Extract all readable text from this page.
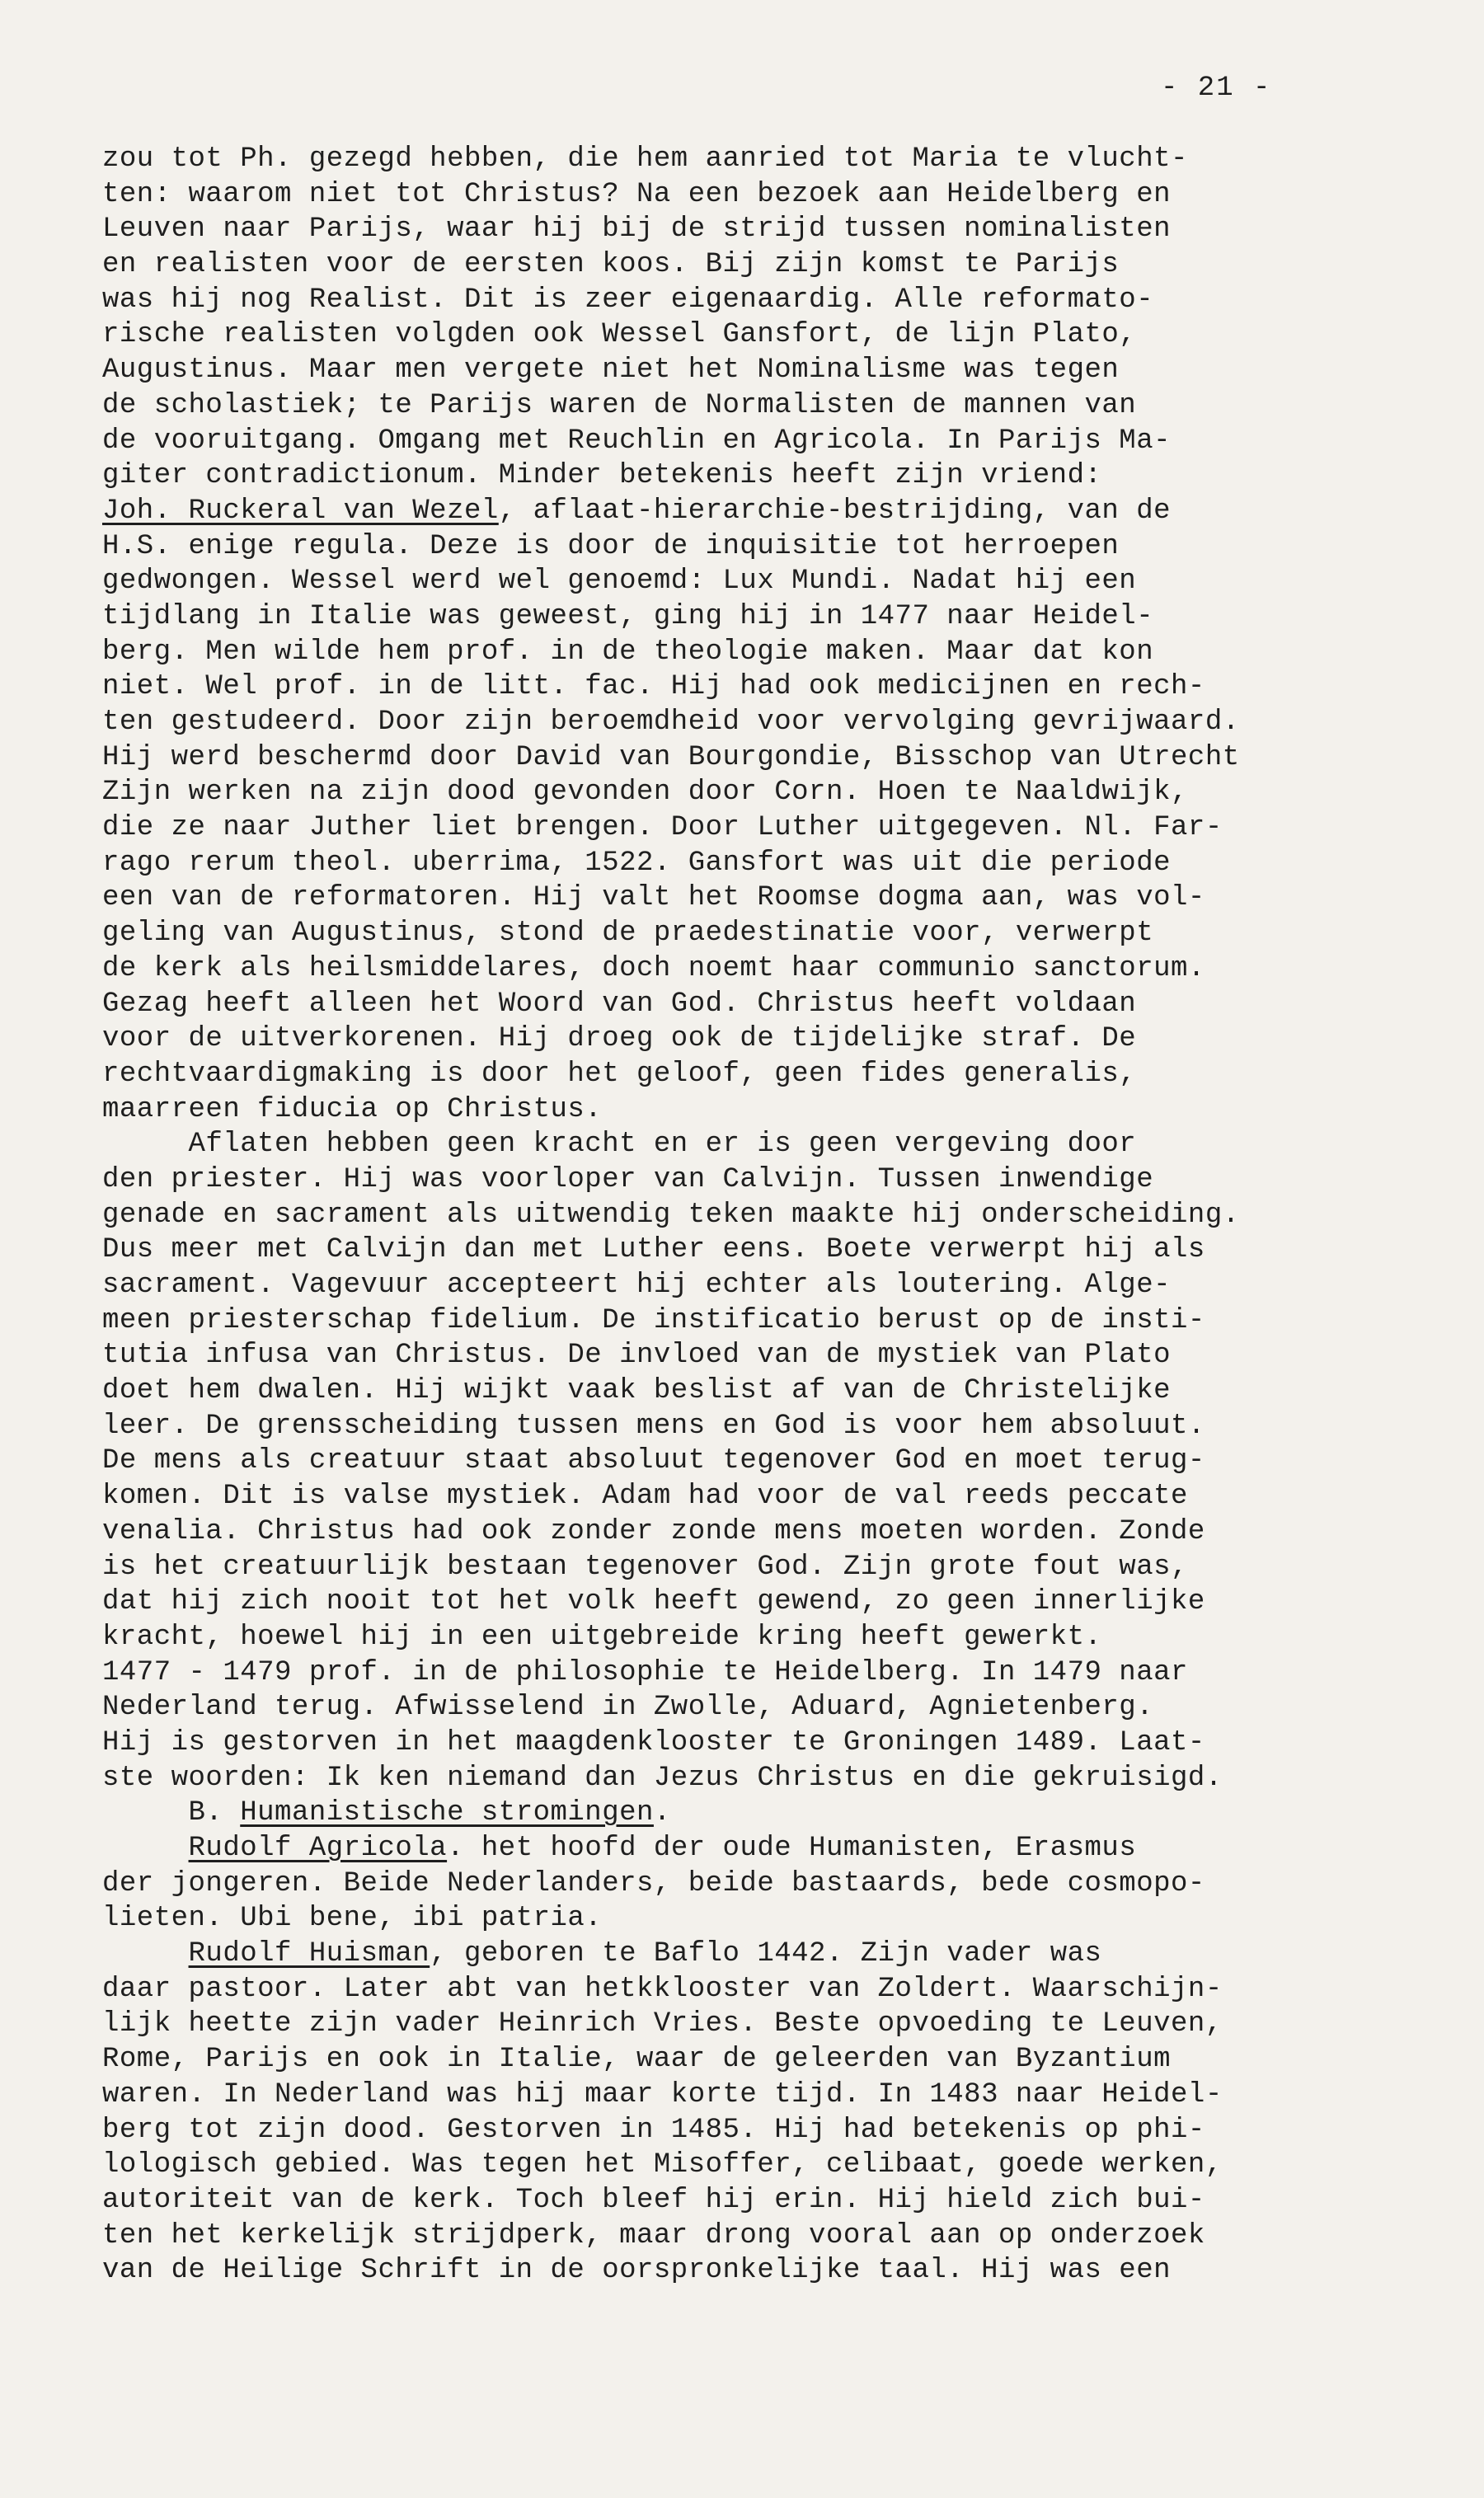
- 21 -
zou tot Ph. gezegd hebben, die hem aanried tot Maria te vlucht-
ten: waarom niet tot Christus? Na een bezoek aan Heidelberg en
Leuven naar Parijs, waar hij bij de strijd tussen nominalisten
en realisten voor de eersten koos. Bij zijn komst te Parijs
was hij nog Realist. Dit is zeer eigenaardig. Alle reformato-
rische realisten volgden ook Wessel Gansfort, de lijn Plato,
Augustinus. Maar men vergete niet het Nominalisme was tegen
de scholastiek; te Parijs waren de Normalisten de mannen van
de vooruitgang. Omgang met Reuchlin en Agricola. In Parijs Ma-
giter contradictionum. Minder betekenis heeft zijn vriend:
Joh. Ruckeral van Wezel, aflaat-hierarchie-bestrijding, van de
H.S. enige regula. Deze is door de inquisitie tot herroepen
gedwongen. Wessel werd wel genoemd: Lux Mundi. Nadat hij een
tijdlang in Italie was geweest, ging hij in 1477 naar Heidel-
berg. Men wilde hem prof. in de theologie maken. Maar dat kon
niet. Wel prof. in de litt. fac. Hij had ook medicijnen en rech-
ten gestudeerd. Door zijn beroemdheid voor vervolging gevrijwaard.
Hij werd beschermd door David van Bourgondie, Bisschop van Utrecht
Zijn werken na zijn dood gevonden door Corn. Hoen te Naaldwijk,
die ze naar Juther liet brengen. Door Luther uitgegeven. Nl. Far-
rago rerum theol. uberrima, 1522. Gansfort was uit die periode
een van de reformatoren. Hij valt het Roomse dogma aan, was vol-
geling van Augustinus, stond de praedestinatie voor, verwerpt
de kerk als heilsmiddelares, doch noemt haar communio sanctorum.
Gezag heeft alleen het Woord van God. Christus heeft voldaan
voor de uitverkorenen. Hij droeg ook de tijdelijke straf. De
rechtvaardigmaking is door het geloof, geen fides generalis,
maarreen fiducia op Christus.
Aflaten hebben geen kracht en er is geen vergeving door
den priester. Hij was voorloper van Calvijn. Tussen inwendige
genade en sacrament als uitwendig teken maakte hij onderscheiding.
Dus meer met Calvijn dan met Luther eens. Boete verwerpt hij als
sacrament. Vagevuur accepteert hij echter als loutering. Alge-
meen priesterschap fidelium. De instificatio berust op de insti-
tutia infusa van Christus. De invloed van de mystiek van Plato
doet hem dwalen. Hij wijkt vaak beslist af van de Christelijke
leer. De grensscheiding tussen mens en God is voor hem absoluut.
De mens als creatuur staat absoluut tegenover God en moet terug-
komen. Dit is valse mystiek. Adam had voor de val reeds peccate
venalia. Christus had ook zonder zonde mens moeten worden. Zonde
is het creatuurlijk bestaan tegenover God. Zijn grote fout was,
dat hij zich nooit tot het volk heeft gewend, zo geen innerlijke
kracht, hoewel hij in een uitgebreide kring heeft gewerkt.
1477 - 1479 prof. in de philosophie te Heidelberg. In 1479 naar
Nederland terug. Afwisselend in Zwolle, Aduard, Agnietenberg.
Hij is gestorven in het maagdenklooster te Groningen 1489. Laat-
ste woorden: Ik ken niemand dan Jezus Christus en die gekruisigd.
B. Humanistische stromingen.
Rudolf Agricola. het hoofd der oude Humanisten, Erasmus
der jongeren. Beide Nederlanders, beide bastaards, bede cosmopo-
lieten. Ubi bene, ibi patria.
Rudolf Huisman, geboren te Baflo 1442. Zijn vader was
daar pastoor. Later abt van hetkklooster van Zoldert. Waarschijn-
lijk heette zijn vader Heinrich Vries. Beste opvoeding te Leuven,
Rome, Parijs en ook in Italie, waar de geleerden van Byzantium
waren. In Nederland was hij maar korte tijd. In 1483 naar Heidel-
berg tot zijn dood. Gestorven in 1485. Hij had betekenis op phi-
lologisch gebied. Was tegen het Misoffer, celibaat, goede werken,
autoriteit van de kerk. Toch bleef hij erin. Hij hield zich bui-
ten het kerkelijk strijdperk, maar drong vooral aan op onderzoek
van de Heilige Schrift in de oorspronkelijke taal. Hij was een
